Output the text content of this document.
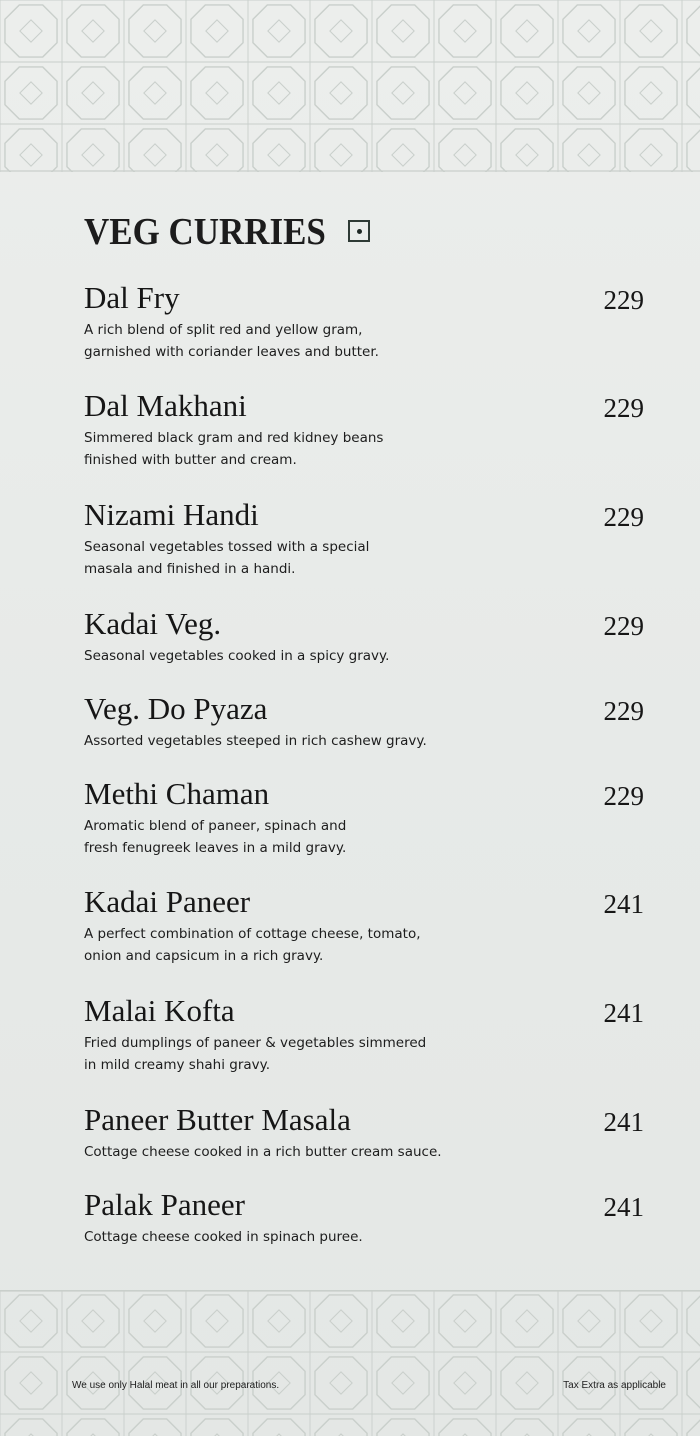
VEG CURRIES
Dal Fry	229
A rich blend of split red and yellow gram,
garnished with coriander leaves and butter.
Dal Makhani	229
Simmered black gram and red kidney beans
finished with butter and cream.
Nizami Handi	229
Seasonal vegetables tossed with a special
masala and finished in a handi.
Kadai Veg.	229
Seasonal vegetables cooked in a spicy gravy.
Veg. Do Pyaza	229
Assorted vegetables steeped in rich cashew gravy.
Methi Chaman	229
Aromatic blend of paneer, spinach and
fresh fenugreek leaves in a mild gravy.
Kadai Paneer	241
A perfect combination of cottage cheese, tomato,
onion and capsicum in a rich gravy.
Malai Kofta	241
Fried dumplings of paneer & vegetables simmered
in mild creamy shahi gravy.
Paneer Butter Masala	241
Cottage cheese cooked in a rich butter cream sauce.
Palak Paneer	241
Cottage cheese cooked in spinach puree.
We use only Halal meat in all our preparations.	Tax Extra as applicable
